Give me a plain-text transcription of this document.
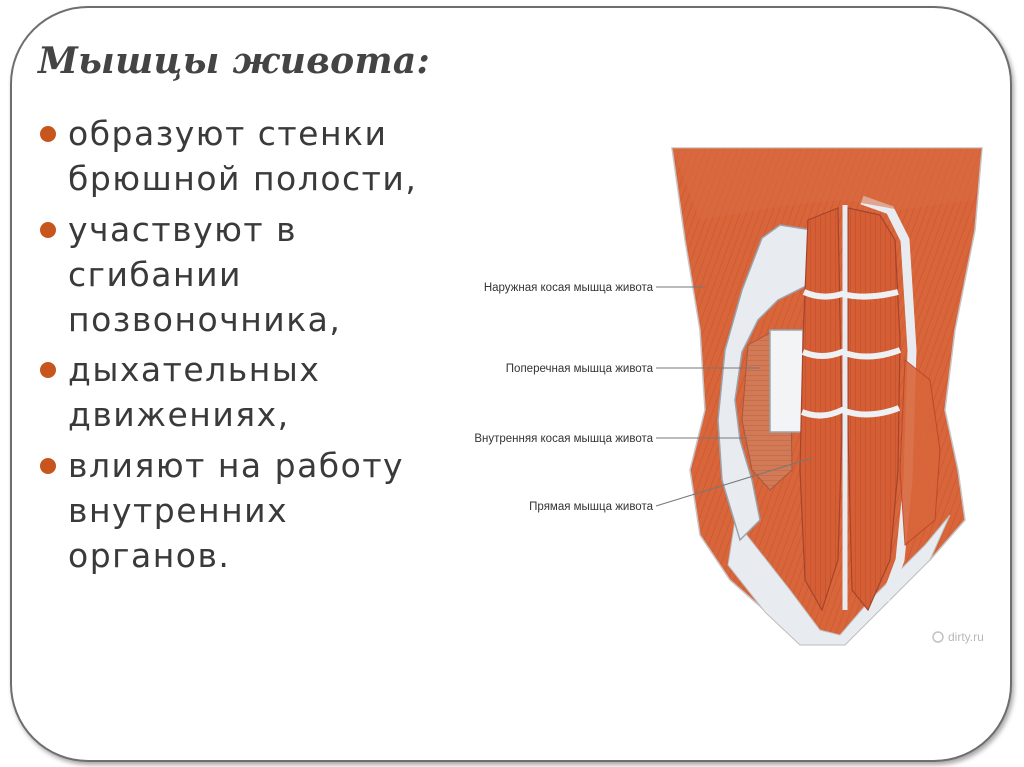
Мышцы живота:
образуют стенки брюшной полости,
участвуют в сгибании позвоночника,
дыхательных движениях,
влияют на работу внутренних органов.
Наружная косая мышца живота
Поперечная мышца живота
Внутренняя косая мышца живота
Прямая мышца живота
dirty.ru
